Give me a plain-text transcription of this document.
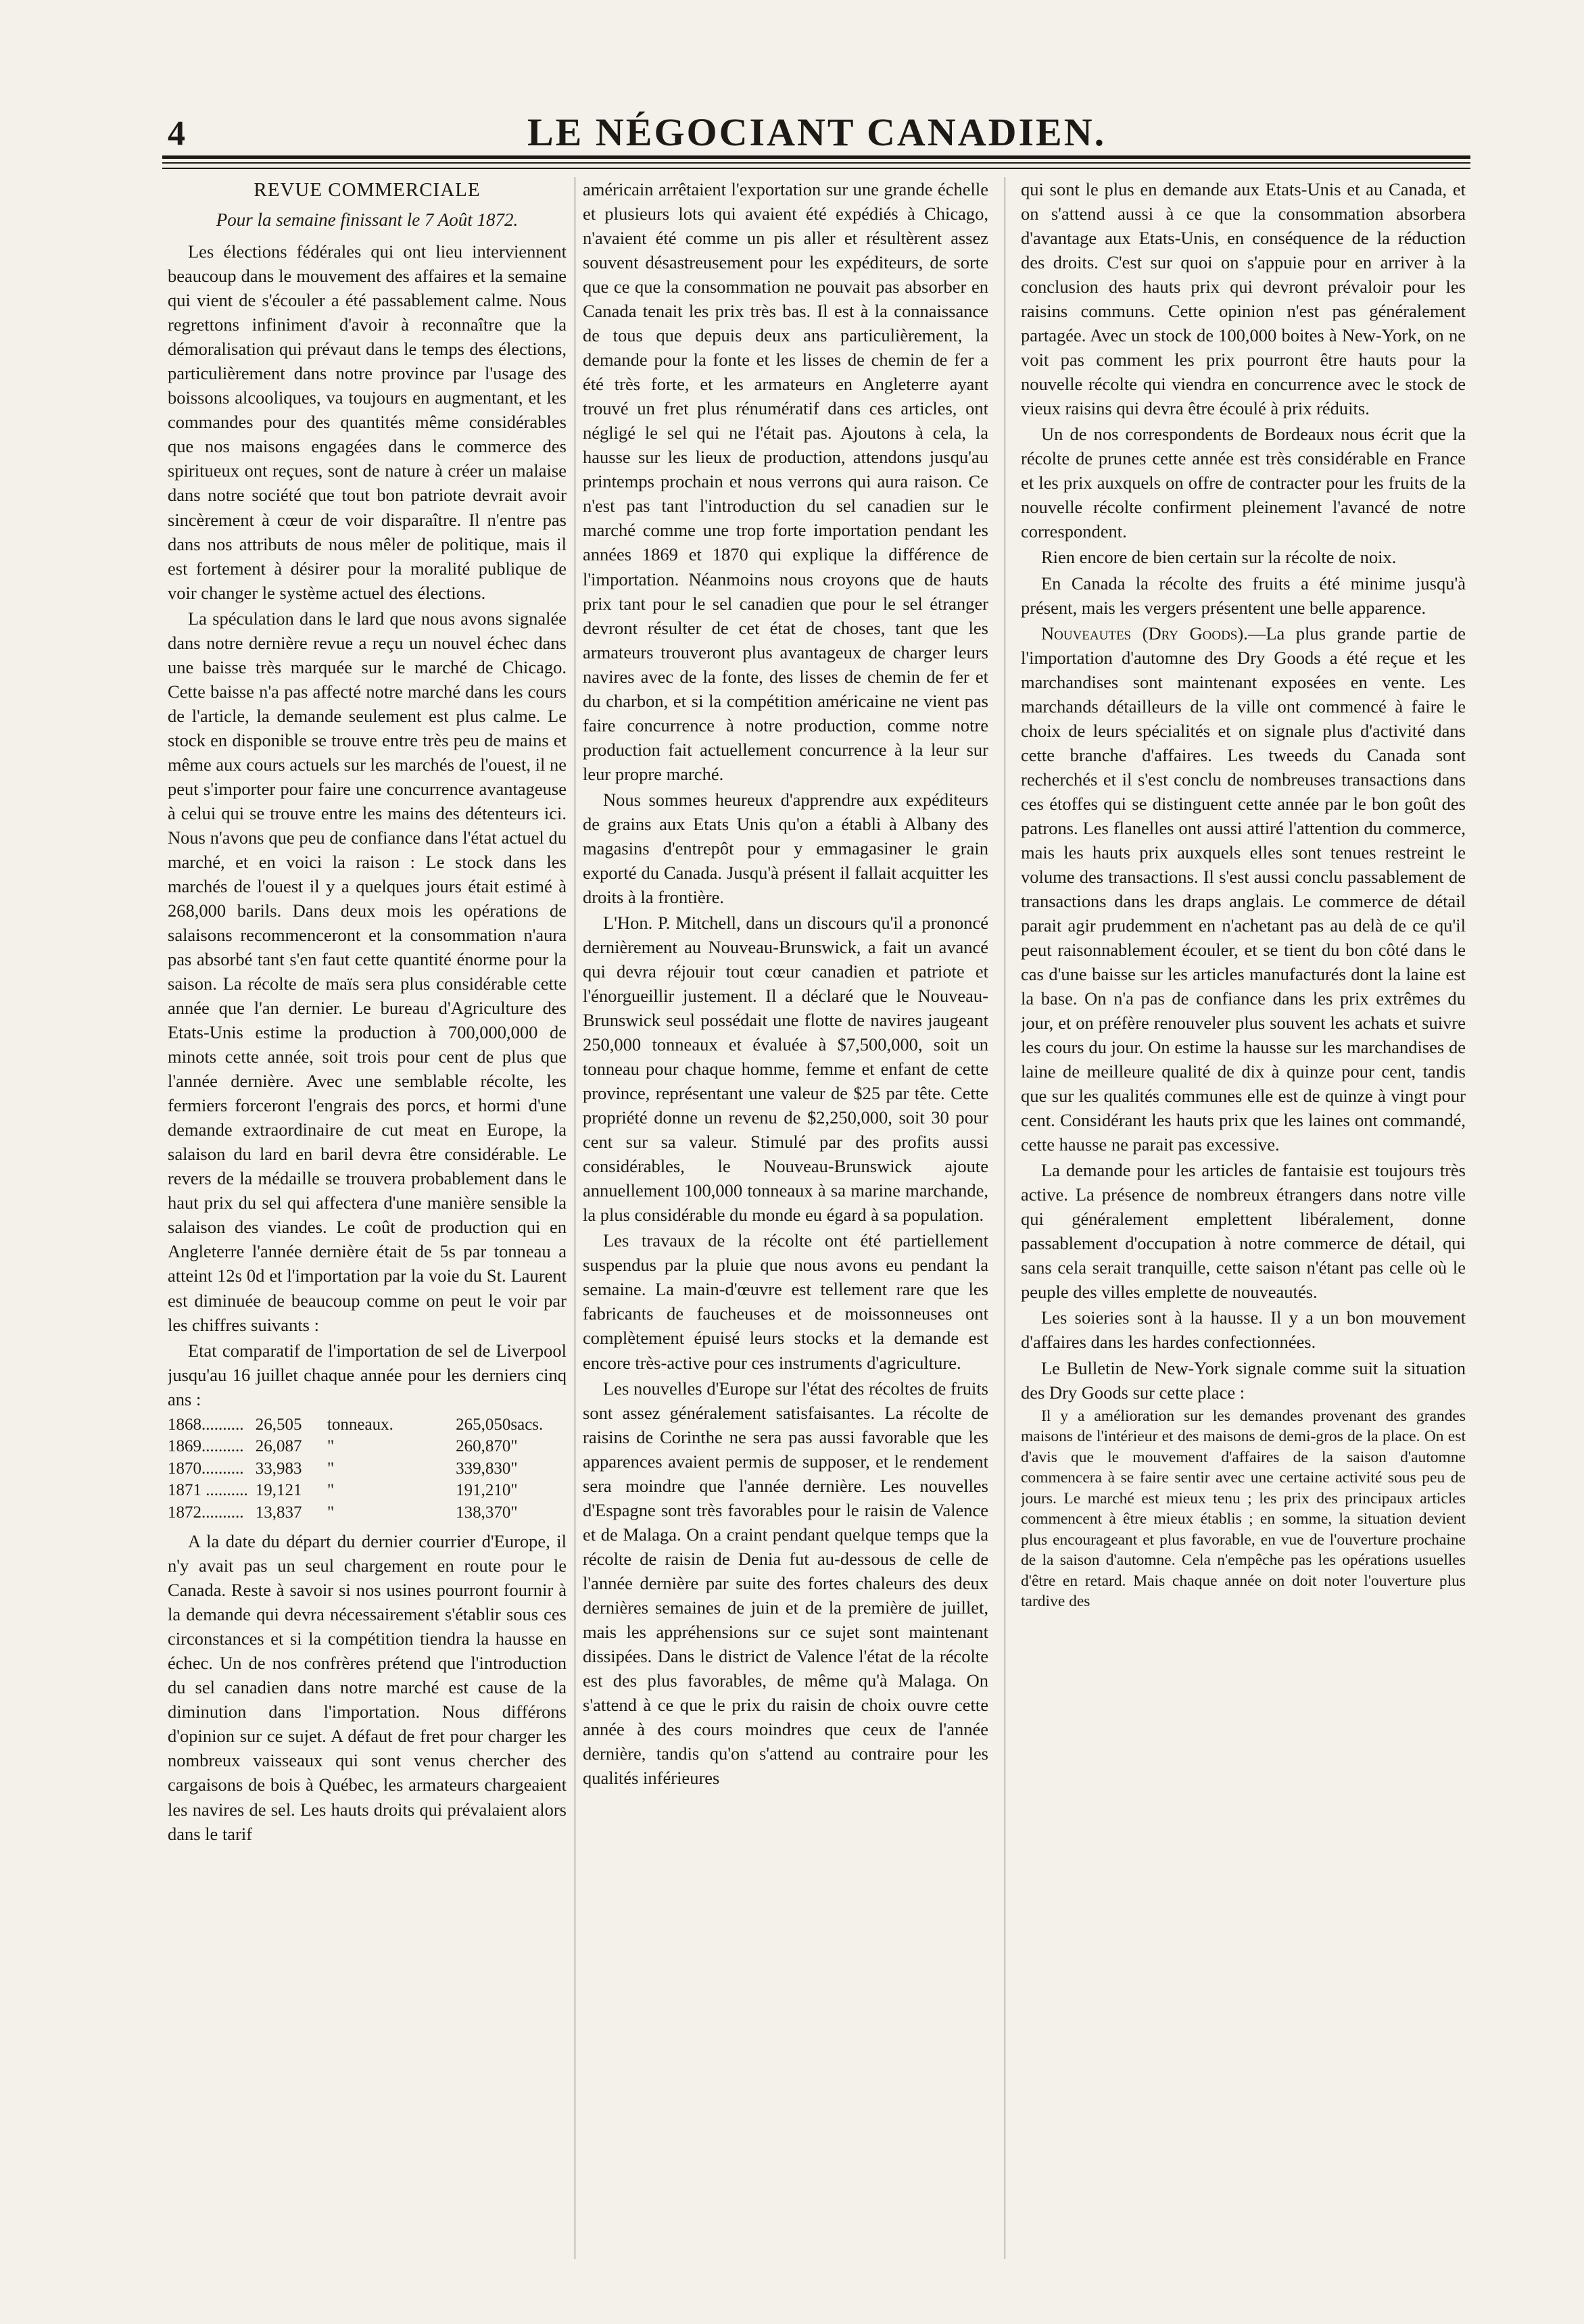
4	LE NÉGOCIANT CANADIEN.
REVUE COMMERCIALE
Pour la semaine finissant le 7 Août 1872.

Les élections fédérales qui ont lieu interviennent beaucoup dans le mouvement des affaires et la semaine qui vient de s'écouler a été passablement calme. Nous regrettons infiniment d'avoir à reconnaître que la démoralisation qui prévaut dans le temps des élections, particulièrement dans notre province par l'usage des boissons alcooliques, va toujours en augmentant, et les commandes pour des quantités même considérables que nos maisons engagées dans le commerce des spiritueux ont reçues, sont de nature à créer un malaise dans notre société que tout bon patriote devrait avoir sincèrement à cœur de voir disparaître. Il n'entre pas dans nos attributs de nous mêler de politique, mais il est fortement à désirer pour la moralité publique de voir changer le système actuel des élections.

La spéculation dans le lard que nous avons signalée dans notre dernière revue a reçu un nouvel échec dans une baisse très marquée sur le marché de Chicago. Cette baisse n'a pas affecté notre marché dans les cours de l'article, la demande seulement est plus calme. Le stock en disponible se trouve entre très peu de mains et même aux cours actuels sur les marchés de l'ouest, il ne peut s'importer pour faire une concurrence avantageuse à celui qui se trouve entre les mains des détenteurs ici. Nous n'avons que peu de confiance dans l'état actuel du marché, et en voici la raison : Le stock dans les marchés de l'ouest il y a quelques jours était estimé à 268,000 barils. Dans deux mois les opérations de salaisons recommenceront et la consommation n'aura pas absorbé tant s'en faut cette quantité énorme pour la saison. La récolte de maïs sera plus considérable cette année que l'an dernier. Le bureau d'Agriculture des Etats-Unis estime la production à 700,000,000 de minots cette année, soit trois pour cent de plus que l'année dernière. Avec une semblable récolte, les fermiers forceront l'engrais des porcs, et hormi d'une demande extraordinaire de cut meat en Europe, la salaison du lard en baril devra être considérable. Le revers de la médaille se trouvera probablement dans le haut prix du sel qui affectera d'une manière sensible la salaison des viandes. Le coût de production qui en Angleterre l'année dernière était de 5s par tonneau a atteint 12s 0d et l'importation par la voie du St. Laurent est diminuée de beaucoup comme on peut le voir par les chiffres suivants :

Etat comparatif de l'importation de sel de Liverpool jusqu'au 16 juillet chaque année pour les derniers cinq ans :

1868..........	26,505	tonneaux.	265,050	sacs.
1869..........	26,087	"	260,870	"
1870..........	33,983	"	339,830	"
1871 ..........	19,121	"	191,210	"
1872..........	13,837	"	138,370	"

A la date du départ du dernier courrier d'Europe, il n'y avait pas un seul chargement en route pour le Canada. Reste à savoir si nos usines pourront fournir à la demande qui devra nécessairement s'établir sous ces circonstances et si la compétition tiendra la hausse en échec. Un de nos confrères prétend que l'introduction du sel canadien dans notre marché est cause de la diminution dans l'importation. Nous différons d'opinion sur ce sujet. A défaut de fret pour charger les nombreux vaisseaux qui sont venus chercher des cargaisons de bois à Québec, les armateurs chargeaient les navires de sel. Les hauts droits qui prévalaient alors dans le tarif

américain arrêtaient l'exportation sur une grande échelle et plusieurs lots qui avaient été expédiés à Chicago, n'avaient été comme un pis aller et résultèrent assez souvent désastreusement pour les expéditeurs, de sorte que ce que la consommation ne pouvait pas absorber en Canada tenait les prix très bas. Il est à la connaissance de tous que depuis deux ans particulièrement, la demande pour la fonte et les lisses de chemin de fer a été très forte, et les armateurs en Angleterre ayant trouvé un fret plus rénumératif dans ces articles, ont négligé le sel qui ne l'était pas. Ajoutons à cela, la hausse sur les lieux de production, attendons jusqu'au printemps prochain et nous verrons qui aura raison. Ce n'est pas tant l'introduction du sel canadien sur le marché comme une trop forte importation pendant les années 1869 et 1870 qui explique la différence de l'importation. Néanmoins nous croyons que de hauts prix tant pour le sel canadien que pour le sel étranger devront résulter de cet état de choses, tant que les armateurs trouveront plus avantageux de charger leurs navires avec de la fonte, des lisses de chemin de fer et du charbon, et si la compétition américaine ne vient pas faire concurrence à notre production, comme notre production fait actuellement concurrence à la leur sur leur propre marché.

Nous sommes heureux d'apprendre aux expéditeurs de grains aux Etats Unis qu'on a établi à Albany des magasins d'entrepôt pour y emmagasiner le grain exporté du Canada. Jusqu'à présent il fallait acquitter les droits à la frontière.

L'Hon. P. Mitchell, dans un discours qu'il a prononcé dernièrement au Nouveau-Brunswick, a fait un avancé qui devra réjouir tout cœur canadien et patriote et l'énorgueillir justement. Il a déclaré que le Nouveau-Brunswick seul possédait une flotte de navires jaugeant 250,000 tonneaux et évaluée à $7,500,000, soit un tonneau pour chaque homme, femme et enfant de cette province, représentant une valeur de $25 par tête. Cette propriété donne un revenu de $2,250,000, soit 30 pour cent sur sa valeur. Stimulé par des profits aussi considérables, le Nouveau-Brunswick ajoute annuellement 100,000 tonneaux à sa marine marchande, la plus considérable du monde eu égard à sa population.

Les travaux de la récolte ont été partiellement suspendus par la pluie que nous avons eu pendant la semaine. La main-d'œuvre est tellement rare que les fabricants de faucheuses et de moissonneuses ont complètement épuisé leurs stocks et la demande est encore très-active pour ces instruments d'agriculture.

Les nouvelles d'Europe sur l'état des récoltes de fruits sont assez généralement satisfaisantes. La récolte de raisins de Corinthe ne sera pas aussi favorable que les apparences avaient permis de supposer, et le rendement sera moindre que l'année dernière. Les nouvelles d'Espagne sont très favorables pour le raisin de Valence et de Malaga. On a craint pendant quelque temps que la récolte de raisin de Denia fut au-dessous de celle de l'année dernière par suite des fortes chaleurs des deux dernières semaines de juin et de la première de juillet, mais les appréhensions sur ce sujet sont maintenant dissipées. Dans le district de Valence l'état de la récolte est des plus favorables, de même qu'à Malaga. On s'attend à ce que le prix du raisin de choix ouvre cette année à des cours moindres que ceux de l'année dernière, tandis qu'on s'attend au contraire pour les qualités inférieures

qui sont le plus en demande aux Etats-Unis et au Canada, et on s'attend aussi à ce que la consommation absorbera d'avantage aux Etats-Unis, en conséquence de la réduction des droits. C'est sur quoi on s'appuie pour en arriver à la conclusion des hauts prix qui devront prévaloir pour les raisins communs. Cette opinion n'est pas généralement partagée. Avec un stock de 100,000 boites à New-York, on ne voit pas comment les prix pourront être hauts pour la nouvelle récolte qui viendra en concurrence avec le stock de vieux raisins qui devra être écoulé à prix réduits.

Un de nos correspondents de Bordeaux nous écrit que la récolte de prunes cette année est très considérable en France et les prix auxquels on offre de contracter pour les fruits de la nouvelle récolte confirment pleinement l'avancé de notre correspondent.

Rien encore de bien certain sur la récolte de noix.

En Canada la récolte des fruits a été minime jusqu'à présent, mais les vergers présentent une belle apparence.

Nouveautes (Dry Goods).—La plus grande partie de l'importation d'automne des Dry Goods a été reçue et les marchandises sont maintenant exposées en vente. Les marchands détailleurs de la ville ont commencé à faire le choix de leurs spécialités et on signale plus d'activité dans cette branche d'affaires. Les tweeds du Canada sont recherchés et il s'est conclu de nombreuses transactions dans ces étoffes qui se distinguent cette année par le bon goût des patrons. Les flanelles ont aussi attiré l'attention du commerce, mais les hauts prix auxquels elles sont tenues restreint le volume des transactions. Il s'est aussi conclu passablement de transactions dans les draps anglais. Le commerce de détail parait agir prudemment en n'achetant pas au delà de ce qu'il peut raisonnablement écouler, et se tient du bon côté dans le cas d'une baisse sur les articles manufacturés dont la laine est la base. On n'a pas de confiance dans les prix extrêmes du jour, et on préfère renouveler plus souvent les achats et suivre les cours du jour. On estime la hausse sur les marchandises de laine de meilleure qualité de dix à quinze pour cent, tandis que sur les qualités communes elle est de quinze à vingt pour cent. Considérant les hauts prix que les laines ont commandé, cette hausse ne parait pas excessive.

La demande pour les articles de fantaisie est toujours très active. La présence de nombreux étrangers dans notre ville qui généralement emplettent libéralement, donne passablement d'occupation à notre commerce de détail, qui sans cela serait tranquille, cette saison n'étant pas celle où le peuple des villes emplette de nouveautés.

Les soieries sont à la hausse. Il y a un bon mouvement d'affaires dans les hardes confectionnées.

Le Bulletin de New-York signale comme suit la situation des Dry Goods sur cette place :

Il y a amélioration sur les demandes provenant des grandes maisons de l'intérieur et des maisons de demi-gros de la place. On est d'avis que le mouvement d'affaires de la saison d'automne commencera à se faire sentir avec une certaine activité sous peu de jours. Le marché est mieux tenu ; les prix des principaux articles commencent à être mieux établis ; en somme, la situation devient plus encourageant et plus favorable, en vue de l'ouverture prochaine de la saison d'automne. Cela n'empêche pas les opérations usuelles d'être en retard. Mais chaque année on doit noter l'ouverture plus tardive des
